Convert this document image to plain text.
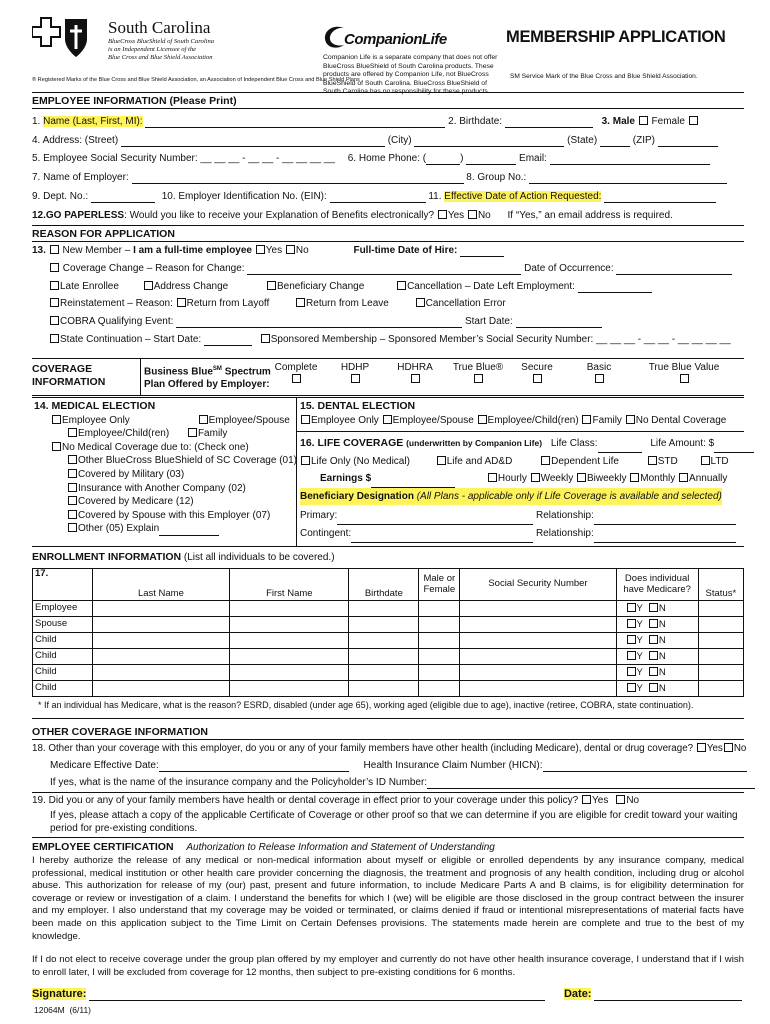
South Carolina
BlueCross BlueShield of South Carolina
is an Independent Licensee of the
Blue Cross and Blue Shield Association
® Registered Marks of the Blue Cross and Blue Shield Association, an Association of Independent Blue Cross and Blue Shield Plans
CompanionLife
Companion Life is a separate company that does not offer BlueCross BlueShield of South Carolina products. These products are offered by Companion Life, not BlueCross BlueShield of South Carolina. BlueCross BlueShield of South Carolina has no responsibility for these products.
MEMBERSHIP APPLICATION
SM Service Mark of the Blue Cross and Blue Shield Association.
EMPLOYEE INFORMATION (Please Print)
1. Name (Last, First, MI):	2. Birthdate:	3. Male Female
4. Address: (Street)	(City)	(State)	(ZIP)
5. Employee Social Security Number: __ __ __ - __ __ - __ __ __ __ 6. Home Phone: (	)	Email:
7. Name of Employer:	8. Group No.:
9. Dept. No.:	10. Employer Identification No. (EIN):	11. Effective Date of Action Requested:
12.GO PAPERLESS: Would you like to receive your Explanation of Benefits electronically? Yes No If “Yes,” an email address is required.
REASON FOR APPLICATION
13. New Member – I am a full-time employee Yes No	Full-time Date of Hire:
Coverage Change – Reason for Change:	Date of Occurrence:
Late Enrollee	Address Change	Beneficiary Change	Cancellation – Date Left Employment:
Reinstatement – Reason: Return from Layoff	Return from Leave	Cancellation Error
COBRA Qualifying Event:	Start Date:
State Continuation – Start Date:	Sponsored Membership – Sponsored Member’s Social Security Number: __ __ __ - __ __ - __ __ __ __
COVERAGE
INFORMATION
Business Blue℠ Spectrum
Plan Offered by Employer:
Complete	HDHP	HDHRA	True Blue®	Secure	Basic	True Blue Value
14. MEDICAL ELECTION
Employee Only	Employee/Spouse
Employee/Child(ren)	Family
No Medical Coverage due to: (Check one)
Other BlueCross BlueShield of SC Coverage (01)
Covered by Military (03)
Insurance with Another Company (02)
Covered by Medicare (12)
Covered by Spouse with this Employer (07)
Other (05) Explain
15. DENTAL ELECTION
Employee Only Employee/Spouse Employee/Child(ren) Family No Dental Coverage
16. LIFE COVERAGE (underwritten by Companion Life) Life Class:	Life Amount: $
Life Only (No Medical)	Life and AD&D	Dependent Life	STD	LTD
Earnings $	Hourly Weekly Biweekly Monthly Annually
Beneficiary Designation (All Plans - applicable only if Life Coverage is available and selected)
Primary:	Relationship:
Contingent:	Relationship:
ENROLLMENT INFORMATION (List all individuals to be covered.)
17.	Last Name	First Name	Birthdate	Male or Female	Social Security Number	Does individual have Medicare?	Status*
Employee						Y N	
Spouse						Y N	
Child						Y N	
Child						Y N	
Child						Y N	
Child						Y N	
* If an individual has Medicare, what is the reason? ESRD, disabled (under age 65), working aged (eligible due to age), inactive (retiree, COBRA, state continuation).
OTHER COVERAGE INFORMATION
18. Other than your coverage with this employer, do you or any of your family members have other health (including Medicare), dental or drug coverage? Yes No
Medicare Effective Date:	Health Insurance Claim Number (HICN):
If yes, what is the name of the insurance company and the Policyholder’s ID Number:
19. Did you or any of your family members have health or dental coverage in effect prior to your coverage under this policy? Yes No
If yes, please attach a copy of the applicable Certificate of Coverage or other proof so that we can determine if you are eligible for credit toward your waiting
period for pre-existing conditions.
EMPLOYEE CERTIFICATION Authorization to Release Information and Statement of Understanding
I hereby authorize the release of any medical or non-medical information about myself or eligible or enrolled dependents by any insurance company, medical professional, medical institution or other health care provider concerning the diagnosis, the treatment and prognosis of any health condition, including drug or alcohol abuse. This authorization for release of my (our) past, present and future information, to include Medicare Parts A and B claims, is for eligibility determination for coverage or review or investigation of a claim. I understand the benefits for which I (we) will be eligible are those disclosed in the group contract between the insurer and my employer. I also understand that my coverage may be voided or terminated, or claims denied if fraud or intentional misrepresentations of material facts have been made on this application subject to the Time Limit on Certain Defenses provisions. The statements made herein are complete and true to the best of my knowledge.
If I do not elect to receive coverage under the group plan offered by my employer and currently do not have other health insurance coverage, I understand that if I wish to enroll later, I will be excluded from coverage for 12 months, then subject to pre-existing conditions for 6 months.
Signature:	Date:
12064M  (6/11)
